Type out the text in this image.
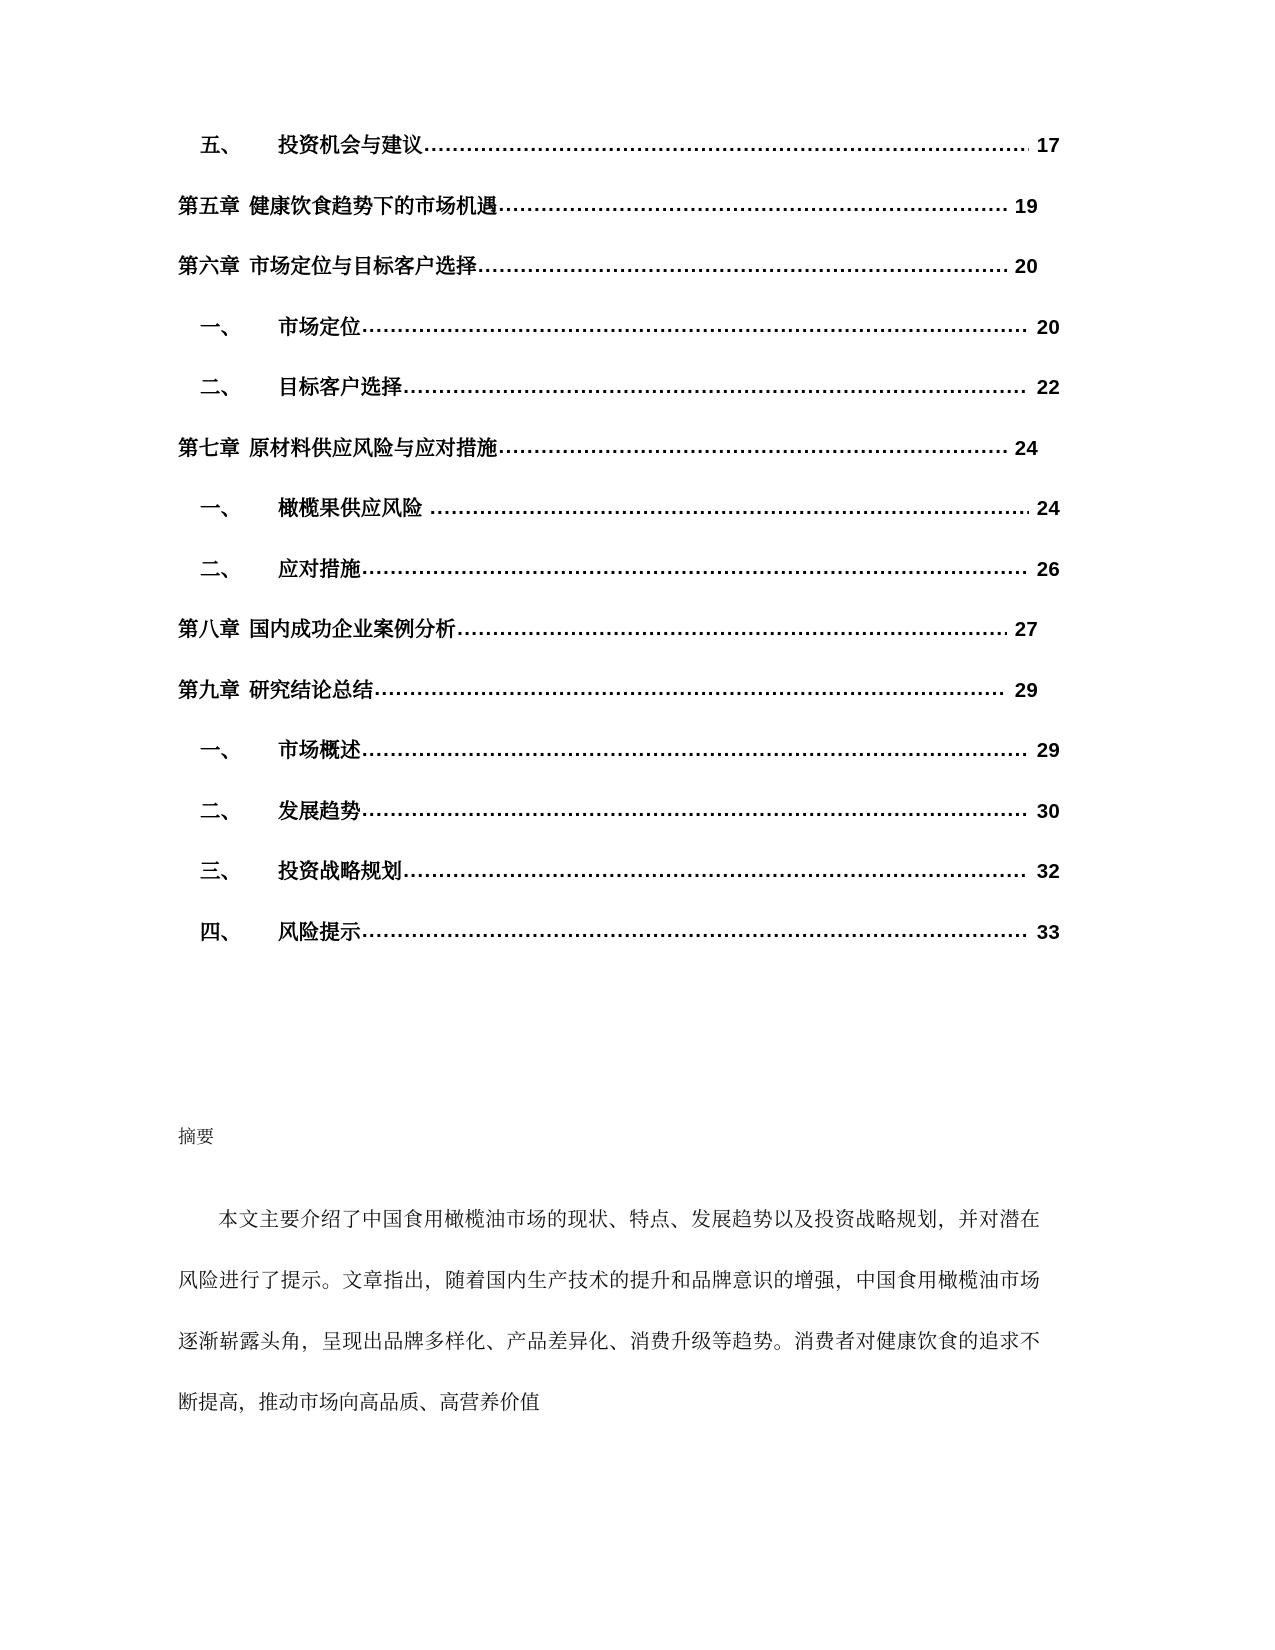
五、	投资机会与建议 .....	17
第五章 健康饮食趋势下的市场机遇 .....	19
第六章 市场定位与目标客户选择 .....	20
一、	市场定位 .....	20
二、	目标客户选择 .....	22
第七章 原材料供应风险与应对措施 .....	24
一、	橄榄果供应风险 .....	24
二、	应对措施 .....	26
第八章 国内成功企业案例分析 .....	27
第九章 研究结论总结 .....	29
一、	市场概述 .....	29
二、	发展趋势 .....	30
三、	投资战略规划 .....	32
四、	风险提示 .....	33
摘要

本文主要介绍了中国食用橄榄油市场的现状、特点、发展趋势以及投资战略规划，并对潜在风险进行了提示。文章指出，随着国内生产技术的提升和品牌意识的增强，中国食用橄榄油市场逐渐崭露头角，呈现出品牌多样化、产品差异化、消费升级等趋势。消费者对健康饮食的追求不断提高，推动市场向高品质、高营养价值
